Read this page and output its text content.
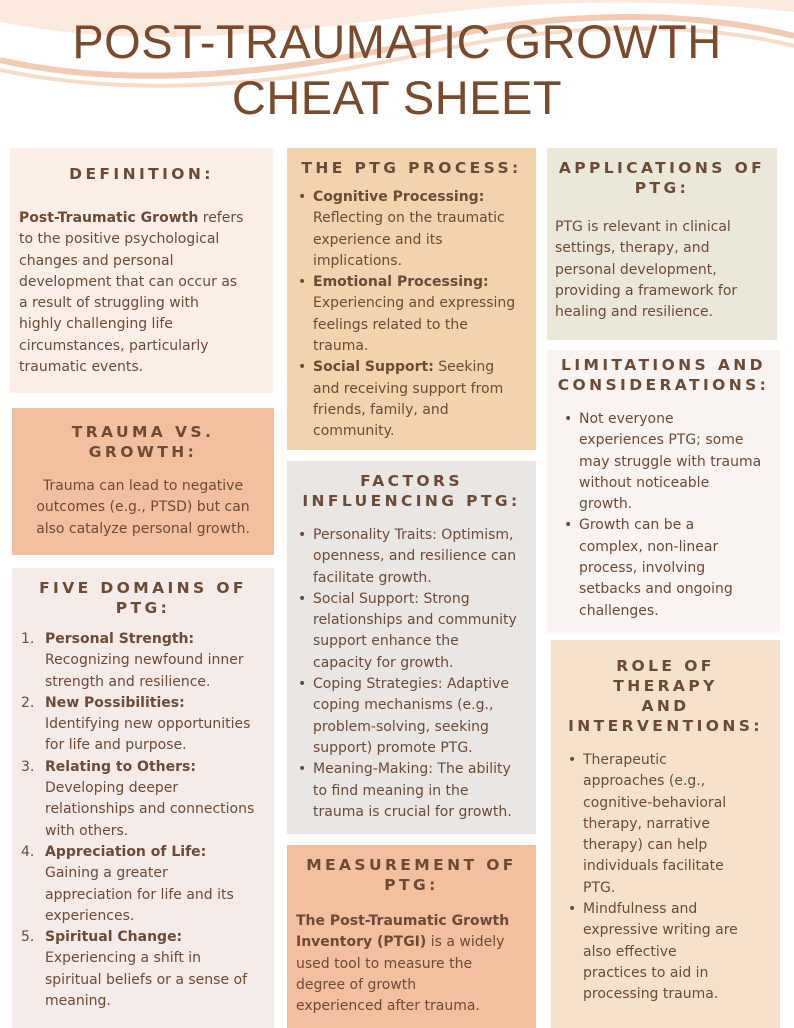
POST-TRAUMATIC GROWTH
CHEAT SHEET
DEFINITION:
Post-Traumatic Growth refers
to the positive psychological
changes and personal
development that can occur as
a result of struggling with
highly challenging life
circumstances, particularly
traumatic events.
TRAUMA VS.
GROWTH:
Trauma can lead to negative
outcomes (e.g., PTSD) but can
also catalyze personal growth.
FIVE DOMAINS OF
PTG:
1. Personal Strength:
Recognizing newfound inner
strength and resilience.
2. New Possibilities:
Identifying new opportunities
for life and purpose.
3. Relating to Others:
Developing deeper
relationships and connections
with others.
4. Appreciation of Life:
Gaining a greater
appreciation for life and its
experiences.
5. Spiritual Change:
Experiencing a shift in
spiritual beliefs or a sense of
meaning.
THE PTG PROCESS:
• Cognitive Processing:
Reflecting on the traumatic
experience and its
implications.
• Emotional Processing:
Experiencing and expressing
feelings related to the
trauma.
• Social Support: Seeking
and receiving support from
friends, family, and
community.
FACTORS
INFLUENCING PTG:
• Personality Traits: Optimism,
openness, and resilience can
facilitate growth.
• Social Support: Strong
relationships and community
support enhance the
capacity for growth.
• Coping Strategies: Adaptive
coping mechanisms (e.g.,
problem-solving, seeking
support) promote PTG.
• Meaning-Making: The ability
to find meaning in the
trauma is crucial for growth.
MEASUREMENT OF
PTG:
The Post-Traumatic Growth
Inventory (PTGI) is a widely
used tool to measure the
degree of growth
experienced after trauma.
APPLICATIONS OF
PTG:
PTG is relevant in clinical
settings, therapy, and
personal development,
providing a framework for
healing and resilience.
LIMITATIONS AND
CONSIDERATIONS:
• Not everyone
experiences PTG; some
may struggle with trauma
without noticeable
growth.
• Growth can be a
complex, non-linear
process, involving
setbacks and ongoing
challenges.
ROLE OF THERAPY
AND
INTERVENTIONS:
• Therapeutic
approaches (e.g.,
cognitive-behavioral
therapy, narrative
therapy) can help
individuals facilitate
PTG.
• Mindfulness and
expressive writing are
also effective
practices to aid in
processing trauma.
